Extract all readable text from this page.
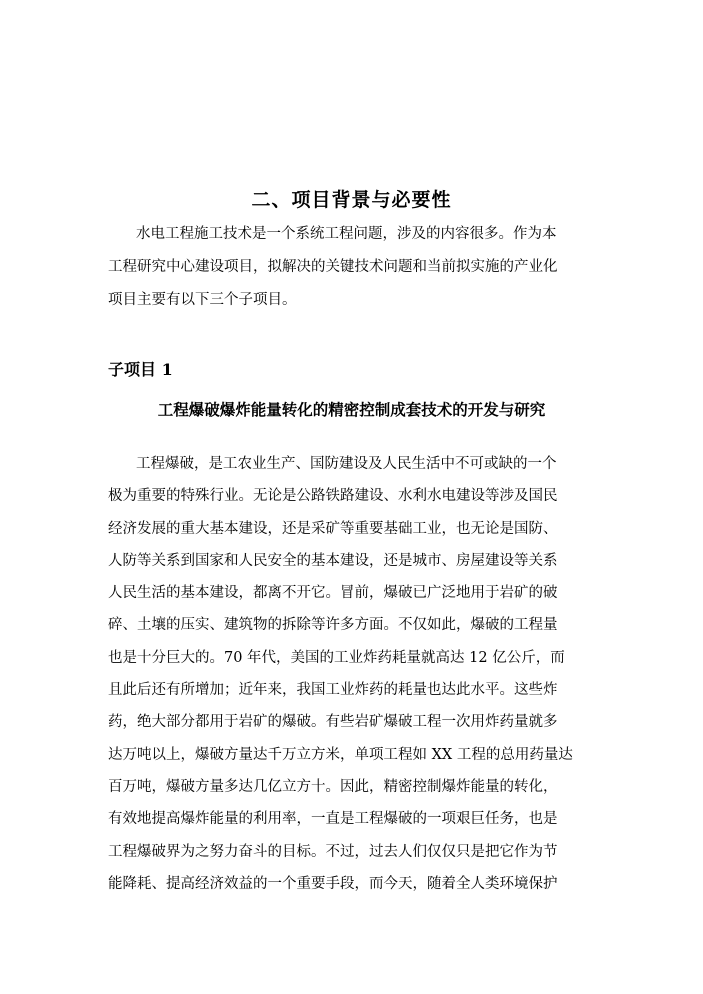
二、项目背景与必要性
水电工程施工技术是一个系统工程问题，涉及的内容很多。作为本
工程研究中心建设项目，拟解决的关键技术问题和当前拟实施的产业化
项目主要有以下三个子项目。
子项目 1
工程爆破爆炸能量转化的精密控制成套技术的开发与研究
工程爆破，是工农业生产、国防建设及人民生活中不可或缺的一个
极为重要的特殊行业。无论是公路铁路建设、水利水电建设等涉及国民
经济发展的重大基本建设，还是采矿等重要基础工业，也无论是国防、
人防等关系到国家和人民安全的基本建设，还是城市、房屋建设等关系
人民生活的基本建设，都离不开它。冒前，爆破已广泛地用于岩矿的破
碎、土壤的压实、建筑物的拆除等许多方面。不仅如此，爆破的工程量
也是十分巨大的。70 年代，美国的工业炸药耗量就高达 12 亿公斤，而
且此后还有所增加；近年来，我国工业炸药的耗量也达此水平。这些炸
药，绝大部分都用于岩矿的爆破。有些岩矿爆破工程一次用炸药量就多
达万吨以上，爆破方量达千万立方米，单项工程如 XX 工程的总用药量达
百万吨，爆破方量多达几亿立方十。因此，精密控制爆炸能量的转化，
有效地提高爆炸能量的利用率，一直是工程爆破的一项艰巨任务，也是
工程爆破界为之努力奋斗的目标。不过，过去人们仅仅只是把它作为节
能降耗、提高经济效益的一个重要手段，而今天，随着全人类环境保护
